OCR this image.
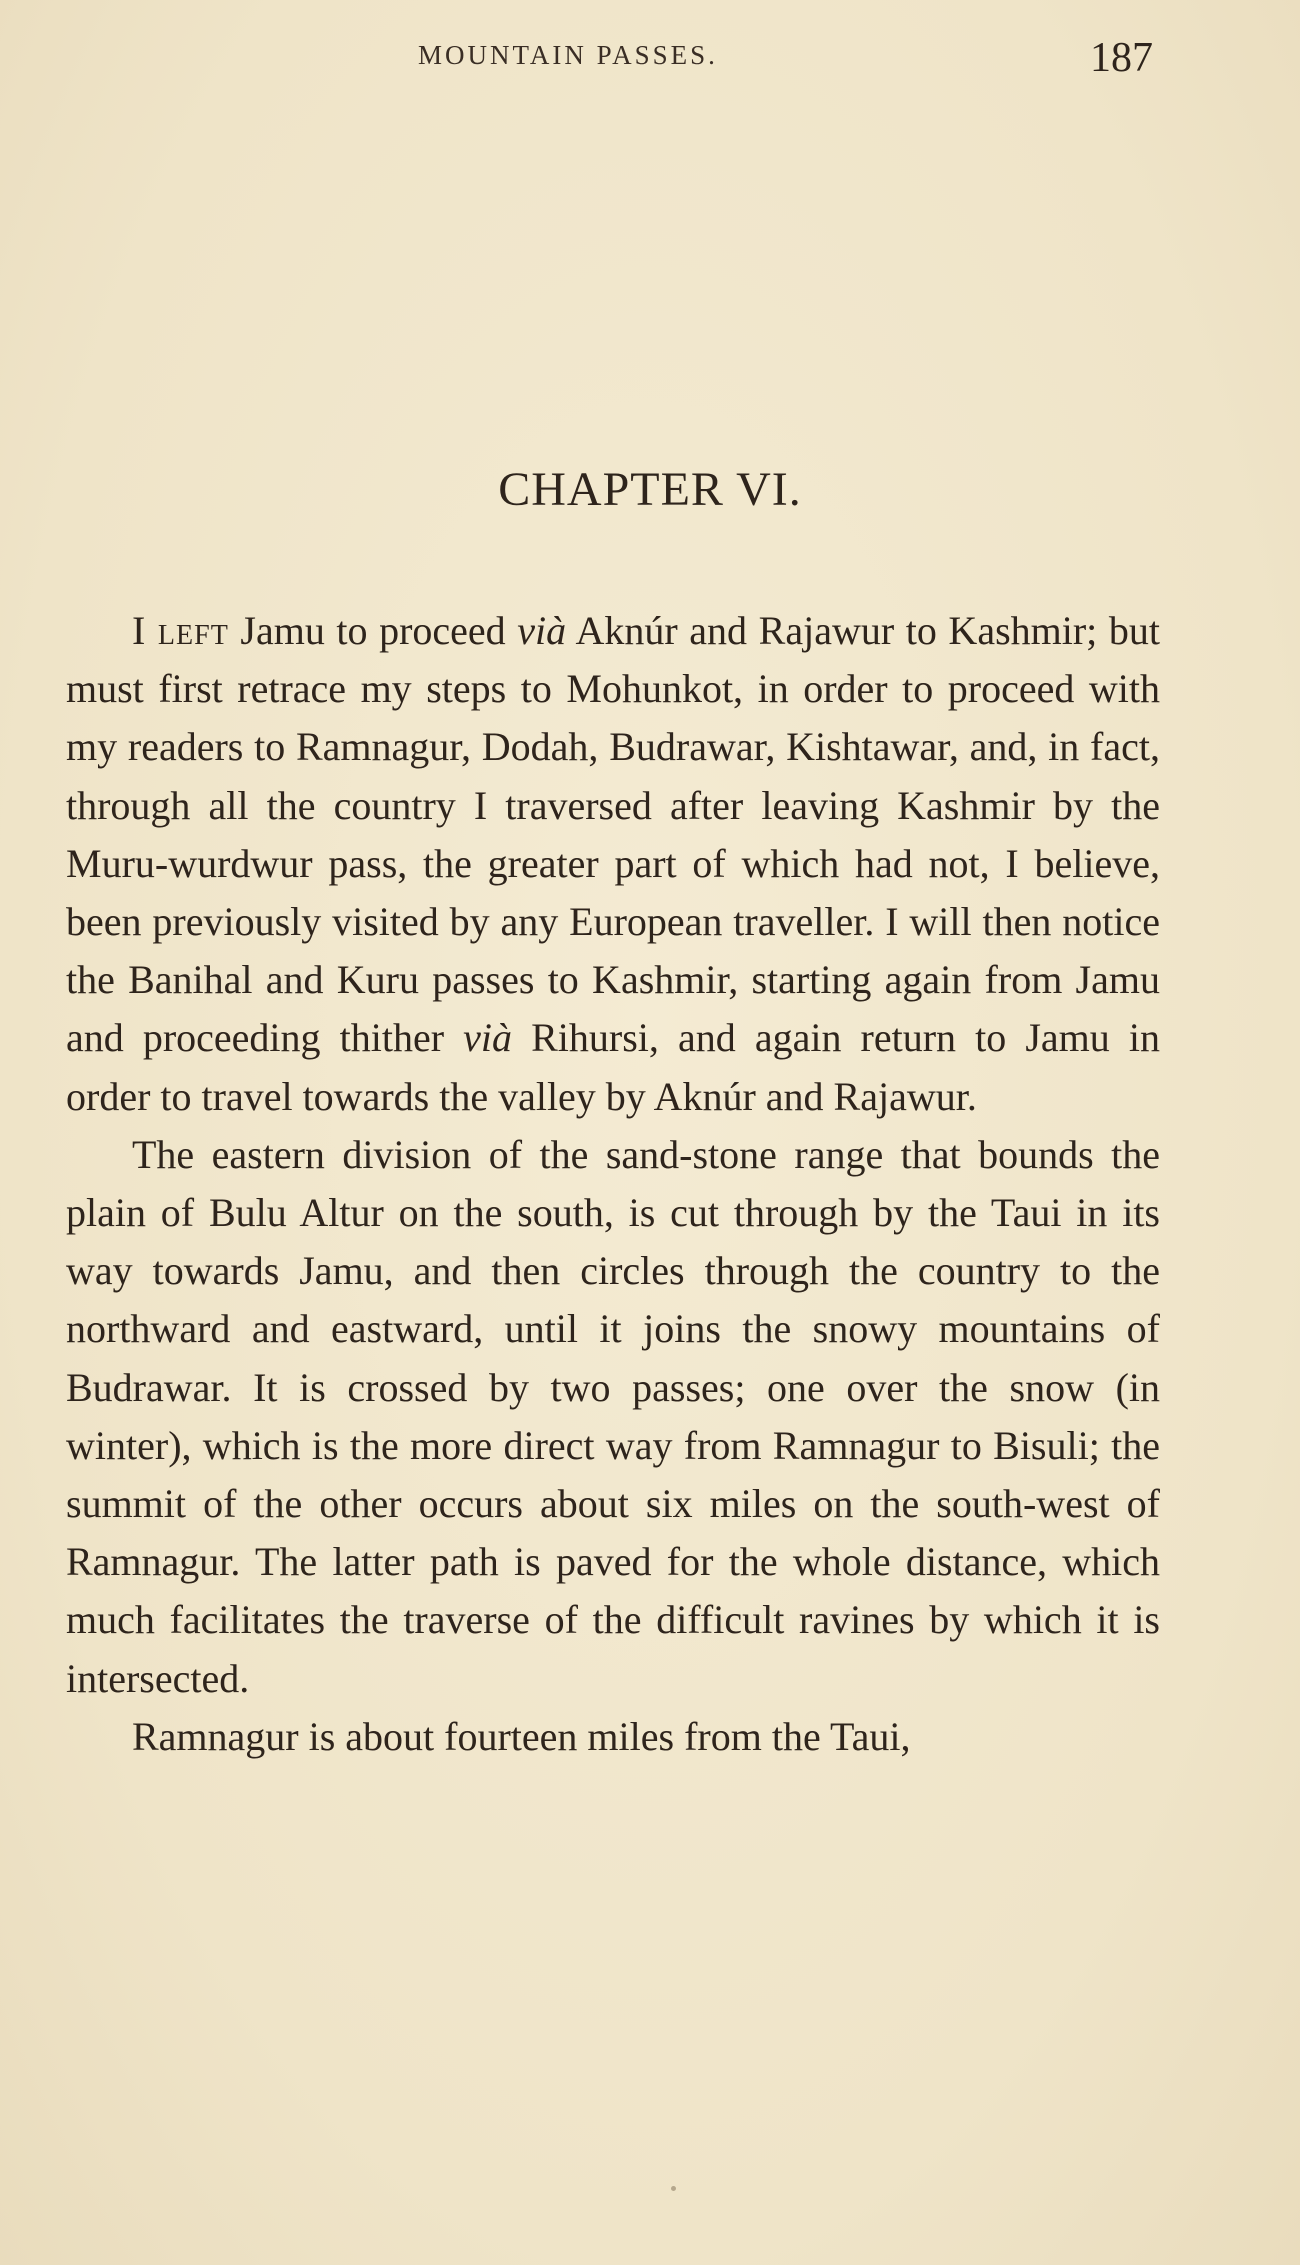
MOUNTAIN PASSES.	187
CHAPTER VI.

I left Jamu to proceed vià Aknúr and Rajawur to Kashmir; but must first retrace my steps to Mohunkot, in order to proceed with my readers to Ramnagur, Dodah, Budrawar, Kishtawar, and, in fact, through all the country I traversed after leaving Kashmir by the Muru-wurdwur pass, the greater part of which had not, I believe, been previously visited by any European traveller. I will then notice the Banihal and Kuru passes to Kashmir, starting again from Jamu and proceeding thither vià Rihursi, and again return to Jamu in order to travel towards the valley by Aknúr and Rajawur.

The eastern division of the sand-stone range that bounds the plain of Bulu Altur on the south, is cut through by the Taui in its way towards Jamu, and then circles through the country to the northward and eastward, until it joins the snowy mountains of Budrawar. It is crossed by two passes; one over the snow (in winter), which is the more direct way from Ramnagur to Bisuli; the summit of the other occurs about six miles on the south-west of Ramnagur. The latter path is paved for the whole distance, which much facilitates the traverse of the difficult ravines by which it is intersected.

Ramnagur is about fourteen miles from the Taui,
